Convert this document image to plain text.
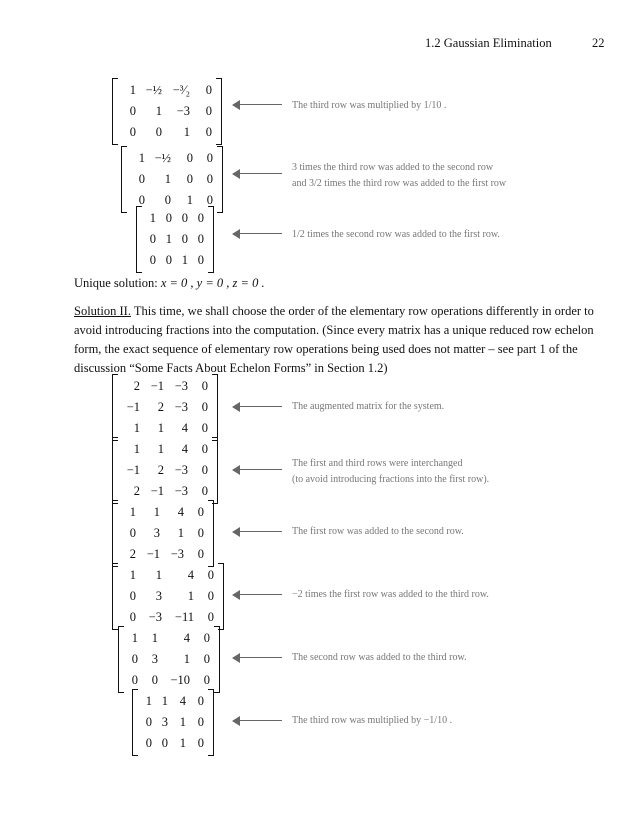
1.2 Gaussian Elimination	22
1	−½	−³⁄₂	0
0	1	−3	0
0	0	1	0
The third row was multiplied by 1/10 .
1	−½	0	0
0	1	0	0
0	0	1	0
3 times the third row was added to the second row
and 3/2 times the third row was added to the first row
1	0	0	0
0	1	0	0
0	0	1	0
1/2 times the second row was added to the first row.
Unique solution: x = 0 , y = 0 , z = 0 .
Solution II. This time, we shall choose the order of the elementary row operations differently in order to avoid introducing fractions into the computation. (Since every matrix has a unique reduced row echelon form, the exact sequence of elementary row operations being used does not matter – see part 1 of the discussion “Some Facts About Echelon Forms” in Section 1.2)
2	−1	−3	0
−1	2	−3	0
1	1	4	0
The augmented matrix for the system.
1	1	4	0
−1	2	−3	0
2	−1	−3	0
The first and third rows were interchanged
(to avoid introducing fractions into the first row).
1	1	4	0
0	3	1	0
2	−1	−3	0
The first row was added to the second row.
1	1	4	0
0	3	1	0
0	−3	−11	0
−2 times the first row was added to the third row.
1	1	4	0
0	3	1	0
0	0	−10	0
The second row was added to the third row.
1	1	4	0
0	3	1	0
0	0	1	0
The third row was multiplied by −1/10 .
